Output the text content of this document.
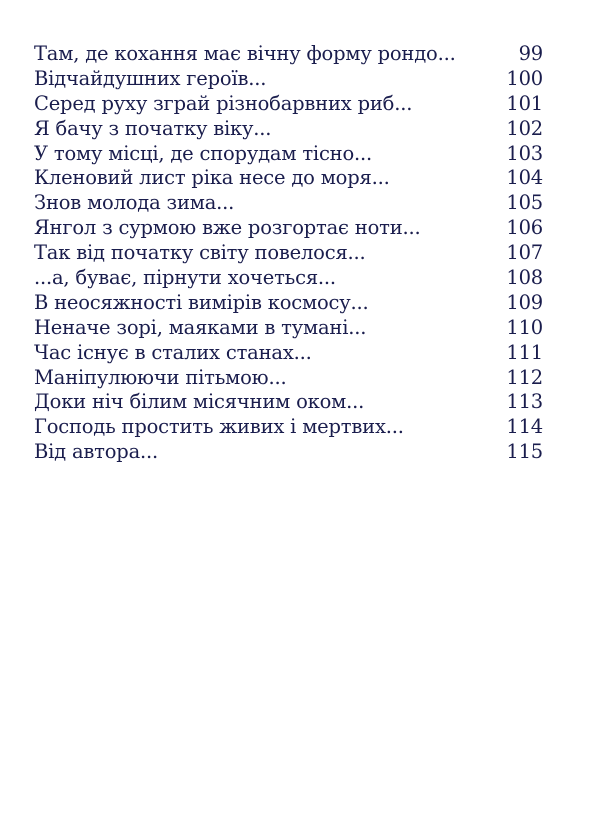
Там, де кохання має вічну форму рондо...	99
Відчайдушних героїв...	100
Серед руху зграй різнобарвних риб...	101
Я бачу з початку віку...	102
У тому місці, де спорудам тісно...	103
Кленовий лист ріка несе до моря...	104
Знов молода зима...	105
Янгол з сурмою вже розгортає ноти...	106
Так від початку світу повелося...	107
...а, буває, пірнути хочеться...	108
В неосяжності вимірів космосу...	109
Неначе зорі, маяками в тумані...	110
Час існує в сталих станах...	111
Маніпулюючи пітьмою...	112
Доки ніч білим місячним оком...	113
Господь простить живих і мертвих...	114
Від автора...	115
